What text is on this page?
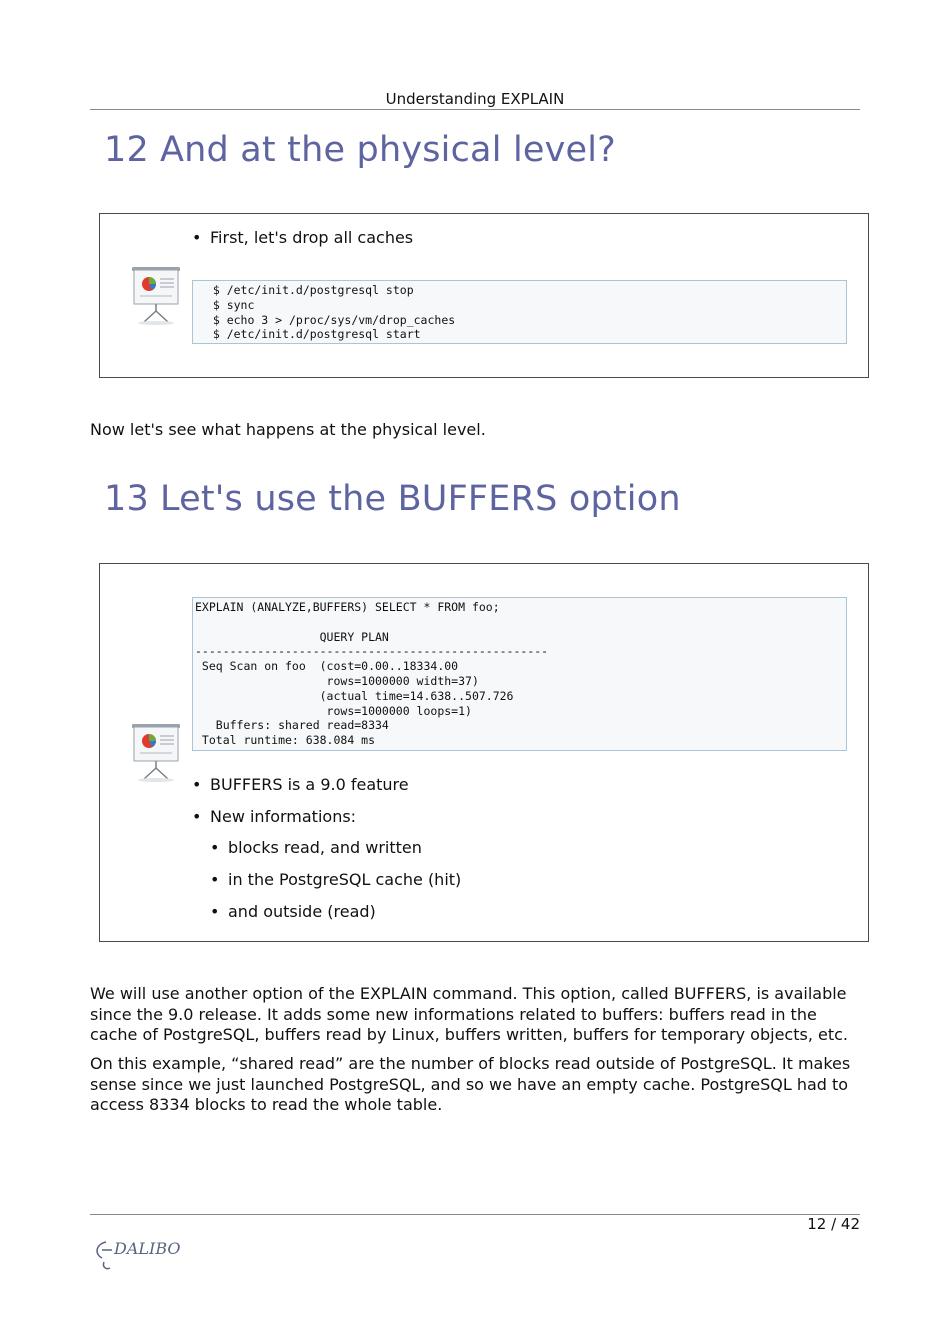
Understanding EXPLAIN
12 And at the physical level?
• First, let's drop all caches
$ /etc/init.d/postgresql stop
$ sync
$ echo 3 > /proc/sys/vm/drop_caches
$ /etc/init.d/postgresql start
Now let's see what happens at the physical level.
13 Let's use the BUFFERS option
EXPLAIN (ANALYZE,BUFFERS) SELECT * FROM foo;

QUERY PLAN
---------------------------------------------------
Seq Scan on foo  (cost=0.00..18334.00
rows=1000000 width=37)
(actual time=14.638..507.726
rows=1000000 loops=1)
Buffers: shared read=8334
Total runtime: 638.084 ms
• BUFFERS is a 9.0 feature
• New informations:
• blocks read, and written
• in the PostgreSQL cache (hit)
• and outside (read)
We will use another option of the EXPLAIN command. This option, called BUFFERS, is available since the 9.0 release. It adds some new informations related to buffers: buffers read in the cache of PostgreSQL, buffers read by Linux, buffers written, buffers for temporary objects, etc.
On this example, “shared read” are the number of blocks read outside of PostgreSQL. It makes sense since we just launched PostgreSQL, and so we have an empty cache. PostgreSQL had to access 8334 blocks to read the whole table.
12 / 42
DALIBO
